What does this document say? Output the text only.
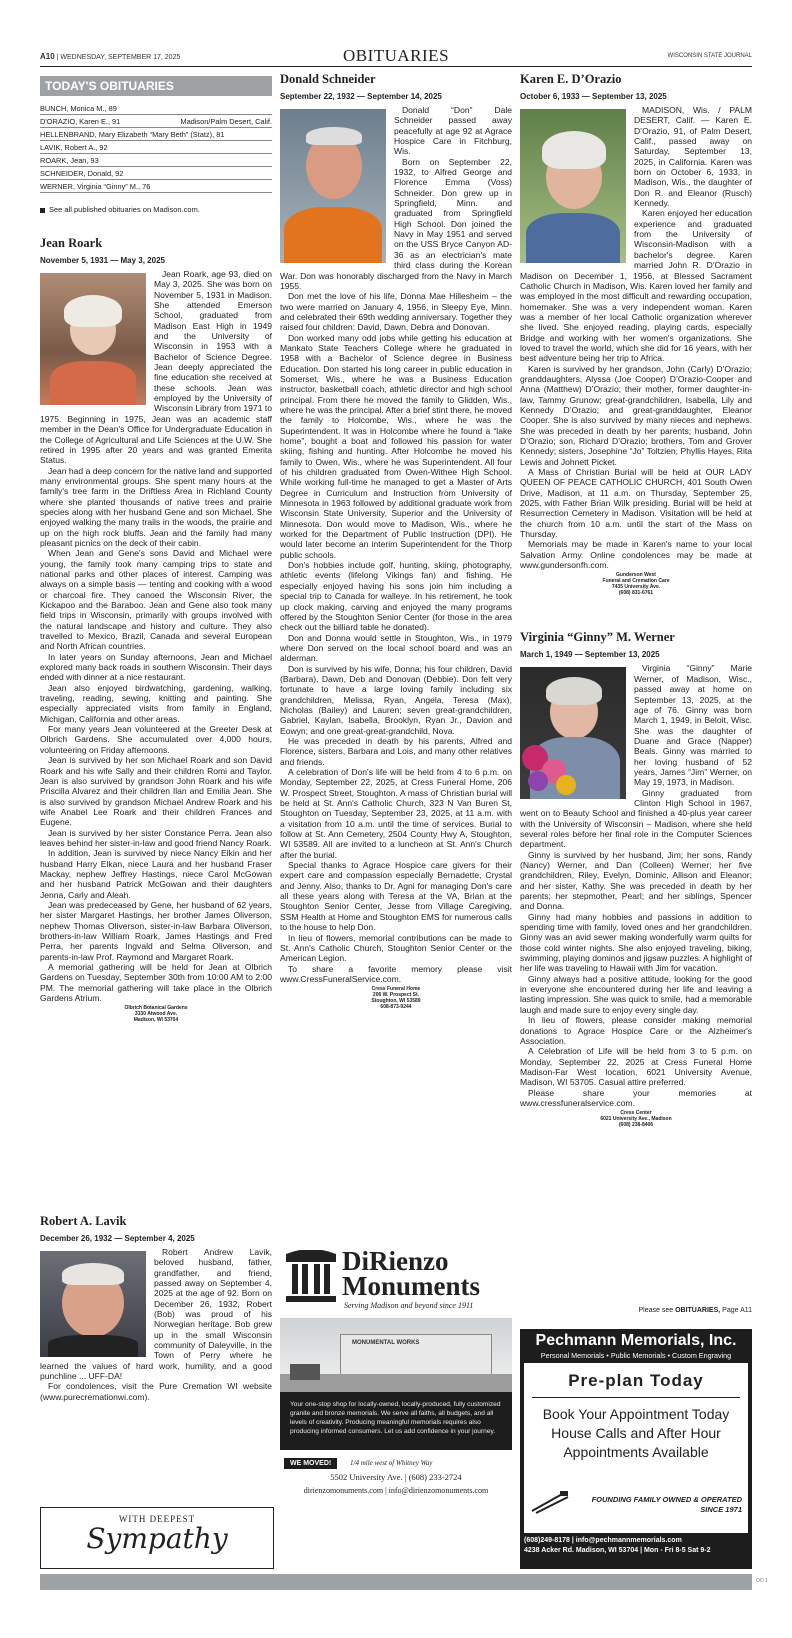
A10 | WEDNESDAY, SEPTEMBER 17, 2025	OBITUARIES	WISCONSIN STATE JOURNAL
TODAY'S OBITUARIES
BUNCH, Monica M., 89
D'ORAZIO, Karen E., 91	Madison/Palm Desert, Calif.
HELLENBRAND, Mary Elizabeth “Mary Beth” (Statz), 81
LAVIK, Robert A., 92
ROARK, Jean, 93
SCHNEIDER, Donald, 92
WERNER, Virginia “Ginny” M., 76
See all published obituaries on Madison.com.
Jean Roark
November 5, 1931 — May 3, 2025

Jean Roark, age 93, died on May 3, 2025. She was born on November 5, 1931 in Madison. She attended Emerson School, graduated from Madison East High in 1949 and the University of Wisconsin in 1953 with a Bachelor of Science Degree. Jean deeply appreciated the fine education she received at these schools. Jean was employed by the University of Wisconsin Library from 1971 to 1975. Beginning in 1975, Jean was an academic staff member in the Dean's Office for Undergraduate Education in the College of Agricultural and Life Sciences at the U.W. She retired in 1995 after 20 years and was granted Emerita Status.

Jean had a deep concern for the native land and supported many environmental groups. She spent many hours at the family's tree farm in the Driftless Area in Richland County where she planted thousands of native trees and prairie species along with her husband Gene and son Michael. She enjoyed walking the many trails in the woods, the prairie and up on the high rock bluffs. Jean and the family had many pleasant picnics on the deck of their cabin.

When Jean and Gene's sons David and Michael were young, the family took many camping trips to state and national parks and other places of interest. Camping was always on a simple basis — tenting and cooking with a wood or charcoal fire. They canoed the Wisconsin River, the Kickapoo and the Baraboo. Jean and Gene also took many field trips in Wisconsin, primarily with groups involved with the natural landscape and history and culture. They also travelled to Mexico, Brazil, Canada and several European and North African countries.

In later years on Sunday afternoons, Jean and Michael explored many back roads in southern Wisconsin. Their days ended with dinner at a nice restaurant.

Jean also enjoyed birdwatching, gardening, walking, traveling, reading, sewing, knitting and painting. She especially appreciated visits from family in England, Michigan, California and other areas.

For many years Jean volunteered at the Greeter Desk at Olbrich Gardens. She accumulated over 4,000 hours, volunteering on Friday afternoons.

Jean is survived by her son Michael Roark and son David Roark and his wife Sally and their children Romi and Taylor. Jean is also survived by grandson John Roark and his wife Priscilla Alvarez and their children Ilan and Emilia Jean. She is also survived by grandson Michael Andrew Roark and his wife Anabel Lee Roark and their children Frances and Eugene.

Jean is survived by her sister Constance Perra. Jean also leaves behind her sister-in-law and good friend Nancy Roark.

In addition, Jean is survived by niece Nancy Elkin and her husband Harry Elkan, niece Laura and her husband Fraser Mackay, nephew Jeffrey Hastings, niece Carol McGowan and her husband Patrick McGowan and their daughters Jenna, Carly and Aleah.

Jean was predeceased by Gene, her husband of 62 years, her sister Margaret Hastings, her brother James Oliverson, nephew Thomas Oliverson, sister-in-law Barbara Oliverson, brothers-in-law William Roark, James Hastings and Fred Perra, her parents Ingvald and Selma Oliverson, and parents-in-law Prof. Raymond and Margaret Roark.

A memorial gathering will be held for Jean at Olbrich Gardens on Tuesday, September 30th from 10:00 AM to 2:00 PM. The memorial gathering will take place in the Olbrich Gardens Atrium.

Olbrich Botanical Gardens
3330 Atwood Ave.
Madison, WI 53704
Robert A. Lavik
December 26, 1932 — September 4, 2025

Robert Andrew Lavik, beloved husband, father, grandfather, and friend, passed away on September 4, 2025 at the age of 92. Born on December 26, 1932, Robert (Bob) was proud of his Norwegian heritage. Bob grew up in the small Wisconsin community of Daleyville, in the Town of Perry where he learned the values of hard work, humility, and a good punchline ... UFF-DA!

For condolences, visit the Pure Cremation WI website (www.purecremationwi.com).

WITH DEEPEST
Sympathy
Donald Schneider
September 22, 1932 — September 14, 2025

Donald “Don” Dale Schneider passed away peacefully at age 92 at Agrace Hospice Care in Fitchburg, Wis.

Born on September 22, 1932, to Alfred George and Florence Emma (Voss) Schneider. Don grew up in Springfield, Minn. and graduated from Springfield High School. Don joined the Navy in May 1951 and served on the USS Bryce Canyon AD-36 as an electrician's mate third class during the Korean War. Don was honorably discharged from the Navy in March 1955.

Don met the love of his life, Donna Mae Hillesheim – the two were married on January 4, 1956, in Sleepy Eye, Minn. and celebrated their 69th wedding anniversary. Together they raised four children: David, Dawn, Debra and Donovan.

Don worked many odd jobs while getting his education at Mankato State Teachers College where he graduated in 1958 with a Bachelor of Science degree in Business Education. Don started his long career in public education in Somerset, Wis., where he was a Business Education instructor, basketball coach, athletic director and high school principal. From there he moved the family to Glidden, Wis., where he was the principal. After a brief stint there, he moved the family to Holcombe, Wis., where he was the Superintendent. It was in Holcombe where he found a “lake home”, bought a boat and followed his passion for water skiing, fishing and hunting. After Holcombe he moved his family to Owen, Wis., where he was Superintendent. All four of his children graduated from Owen-Withee High School. While working full-time he managed to get a Master of Arts Degree in Curriculum and Instruction from University of Minnesota in 1963 followed by additional graduate work from Wisconsin State University, Superior and the University of Minnesota. Don would move to Madison, Wis., where he worked for the Department of Public Instruction (DPI). He would later become an interim Superintendent for the Thorp public schools.

Don's hobbies include golf, hunting, skiing, photography, athletic events (lifelong Vikings fan) and fishing. He especially enjoyed having his sons join him including a special trip to Canada for walleye. In his retirement, he took up clock making, carving and enjoyed the many programs offered by the Stoughton Senior Center (for those in the area check out the billiard table he donated).

Don and Donna would settle in Stoughton, Wis., in 1979 where Don served on the local school board and was an alderman.

Don is survived by his wife, Donna; his four children, David (Barbara), Dawn, Deb and Donovan (Debbie). Don felt very fortunate to have a large loving family including six grandchildren, Melissa, Ryan, Angela, Teresa (Max), Nicholas (Bailey) and Lauren; seven great-grandchildren, Gabriel, Kaylan, Isabella, Brooklyn, Ryan Jr., Davion and Eowyn; and one great-great-grandchild, Nova.

He was preceded in death by his parents, Alfred and Florence, sisters, Barbara and Lois, and many other relatives and friends.

A celebration of Don's life will be held from 4 to 6 p.m. on Monday, September 22, 2025, at Cress Funeral Home, 206 W. Prospect Street, Stoughton. A mass of Christian burial will be held at St. Ann's Catholic Church, 323 N Van Buren St, Stoughton on Tuesday, September 23, 2025, at 11 a.m. with a visitation from 10 a.m. until the time of services. Burial to follow at St. Ann Cemetery, 2504 County Hwy A, Stoughton, WI 53589. All are invited to a luncheon at St. Ann's Church after the burial.

Special thanks to Agrace Hospice care givers for their expert care and compassion especially Bernadette, Crystal and Jenny. Also, thanks to Dr. Agni for managing Don's care all these years along with Teresa at the VA, Brian at the Stoughton Senior Center, Jesse from Village Caregiving, SSM Health at Home and Stoughton EMS for numerous calls to the house to help Don.

In lieu of flowers, memorial contributions can be made to St. Ann's Catholic Church, Stoughton Senior Center or the American Legion.

To share a favorite memory please visit www.CressFuneralService.com.

Cress Funeral Home
206 W. Prospect St.
Stoughton, WI 53589
608-873-9244
DiRienzo
Monuments
Serving Madison and beyond since 1911
MONUMENTAL WORKS
Your one-stop shop for locally-owned, locally-produced, fully customized granite and bronze memorials. We serve all faiths, all budgets, and all levels of creativity. Producing meaningful memorials requires also producing informed consumers. Let us add confidence in your journey.
WE MOVED!	1/4 mile west of Whitney Way
5502 University Ave. | (608) 233-2724
dirienzomonuments.com | info@dirienzomonuments.com
Karen E. D’Orazio
October 6, 1933 — September 13, 2025

MADISON, Wis. / PALM DESERT, Calif. — Karen E. D’Orazio, 91, of Palm Desert, Calif., passed away on Saturday, September 13, 2025, in California. Karen was born on October 6, 1933, in Madison, Wis., the daughter of Don R. and Eleanor (Rusch) Kennedy.

Karen enjoyed her education experience and graduated from the University of Wisconsin-Madison with a bachelor's degree. Karen married John R. D’Orazio in Madison on December 1, 1956, at Blessed Sacrament Catholic Church in Madison, Wis. Karen loved her family and was employed in the most difficult and rewarding occupation, homemaker. She was a very independent woman. Karen was a member of her local Catholic organization wherever she lived. She enjoyed reading, playing cards, especially Bridge and working with her women's organizations. She loved to travel the world, which she did for 16 years, with her best adventure being her trip to Africa.

Karen is survived by her grandson, John (Carly) D’Orazio; granddaughters, Alyssa (Joe Cooper) D’Orazio-Cooper and Anna (Matthew) D’Orazio; their mother, former daughter-in-law, Tammy Grunow; great-grandchildren, Isabella, Lily and Kennedy D’Orazio; and great-granddaughter, Eleanor Cooper. She is also survived by many nieces and nephews. She was preceded in death by her parents; husband, John D’Orazio; son, Richard D’Orazio; brothers, Tom and Grover Kennedy; sisters, Josephine “Jo” Toltzien, Phyllis Hayes, Rita Lewis and Johnett Picket.

A Mass of Christian Burial will be held at OUR LADY QUEEN OF PEACE CATHOLIC CHURCH, 401 South Owen Drive, Madison, at 11 a.m. on Thursday, September 25, 2025, with Father Brian Wilk presiding. Burial will be held at Resurrection Cemetery in Madison. Visitation will be held at the church from 10 a.m. until the start of the Mass on Thursday.

Memorials may be made in Karen's name to your local Salvation Army. Online condolences may be made at www.gundersonfh.com.

Gunderson West
Funeral and Cremation Care
7435 University Ave.
(608) 831-6761
Virginia “Ginny” M. Werner
March 1, 1949 — September 13, 2025

Virginia “Ginny” Marie Werner, of Madison, Wisc., passed away at home on September 13, 2025, at the age of 76. Ginny was born March 1, 1949, in Beloit, Wisc. She was the daughter of Duane and Grace (Napper) Beals. Ginny was married to her loving husband of 52 years, James “Jim” Werner, on May 19, 1973, in Madison.

Ginny graduated from Clinton High School in 1967, went on to Beauty School and finished a 40-plus year career with the University of Wisconsin – Madison, where she held several roles before her final role in the Computer Sciences department.

Ginny is survived by her husband, Jim; her sons, Randy (Nancy) Werner, and Dan (Colleen) Werner; her five grandchildren, Riley, Evelyn, Dominic, Allison and Eleanor; and her sister, Kathy. She was preceded in death by her parents; her stepmother, Pearl; and her siblings, Spencer and Donna.

Ginny had many hobbies and passions in addition to spending time with family, loved ones and her grandchildren. Ginny was an avid sewer making wonderfully warm quilts for those cold winter nights. She also enjoyed traveling, biking, swimming, playing dominos and jigsaw puzzles. A highlight of her life was traveling to Hawaii with Jim for vacation.

Ginny always had a positive attitude, looking for the good in everyone she encountered during her life and leaving a lasting impression. She was quick to smile, had a memorable laugh and made sure to enjoy every single day.

In lieu of flowers, please consider making memorial donations to Agrace Hospice Care or the Alzheimer's Association.

A Celebration of Life will be held from 3 to 5 p.m. on Monday, September 22, 2025 at Cress Funeral Home Madison-Far West location, 6021 University Avenue, Madison, WI 53705. Casual attire preferred.

Please share your memories at www.cressfuneralservice.com.

Cress Center
6021 University Ave., Madison
(608) 238-8406
Please see OBITUARIES, Page A11
Pechmann Memorials, Inc.
Personal Memorials • Public Memorials • Custom Engraving
Pre-plan Today
Book Your Appointment Today
House Calls and After Hour
Appointments Available
FOUNDING FAMILY OWNED & OPERATED
SINCE 1971
(608)249-8178 | info@pechmannmemorials.com
4238 Acker Rd. Madison, WI 53704 | Mon - Fri 8-5 Sat 9-2
OO 1
